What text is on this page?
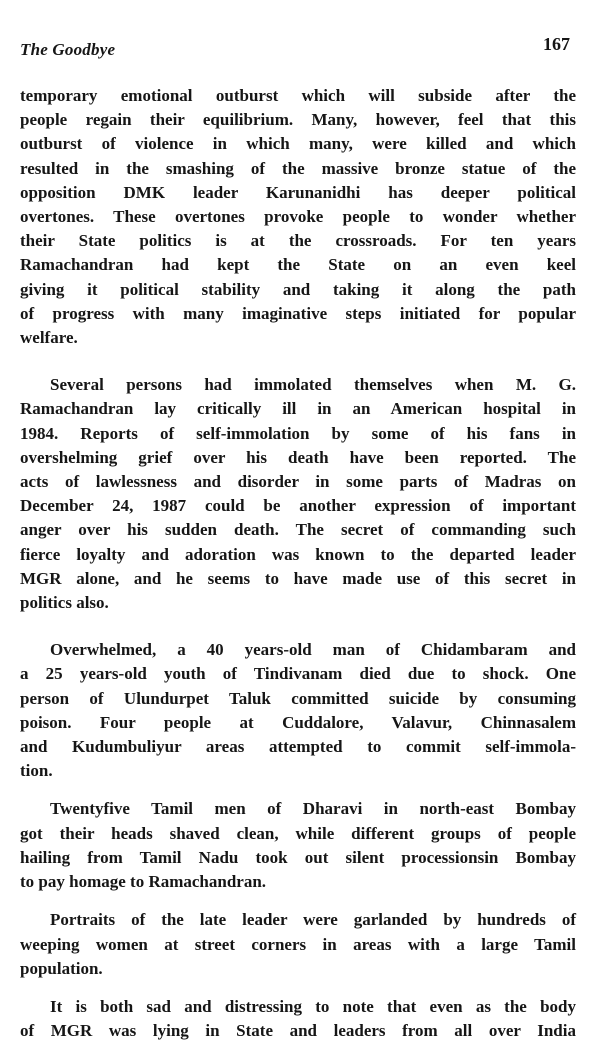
The Goodbye	167

temporary emotional outburst which will subside after the
people regain their equilibrium. Many, however, feel that this
outburst of violence in which many, were killed and which
resulted in the smashing of the massive bronze statue of the
opposition DMK leader Karunanidhi has deeper political
overtones. These overtones provoke people to wonder whether
their State politics is at the crossroads. For ten years
Ramachandran had kept the State on an even keel
giving it political stability and taking it along the path
of progress with many imaginative steps initiated for popular
welfare.

Several persons had immolated themselves when M. G.
Ramachandran lay critically ill in an American hospital in
1984. Reports of self-immolation by some of his fans in
overshelming grief over his death have been reported. The
acts of lawlessness and disorder in some parts of Madras on
December 24, 1987 could be another expression of important
anger over his sudden death. The secret of commanding such
fierce loyalty and adoration was known to the departed leader
MGR alone, and he seems to have made use of this secret in
politics also.

Overwhelmed, a 40 years-old man of Chidambaram and
a 25 years-old youth of Tindivanam died due to shock. One
person of Ulundurpet Taluk committed suicide by consuming
poison. Four people at Cuddalore, Valavur, Chinnasalem
and Kudumbuliyur areas attempted to commit self-immola-
tion.

Twentyfive Tamil men of Dharavi in north-east Bombay
got their heads shaved clean, while different groups of people
hailing from Tamil Nadu took out silent processionsin Bombay
to pay homage to Ramachandran.

Portraits of the late leader were garlanded by hundreds of
weeping women at street corners in areas with a large Tamil
population.

It is both sad and distressing to note that even as the body
of MGR was lying in State and leaders from all over India
